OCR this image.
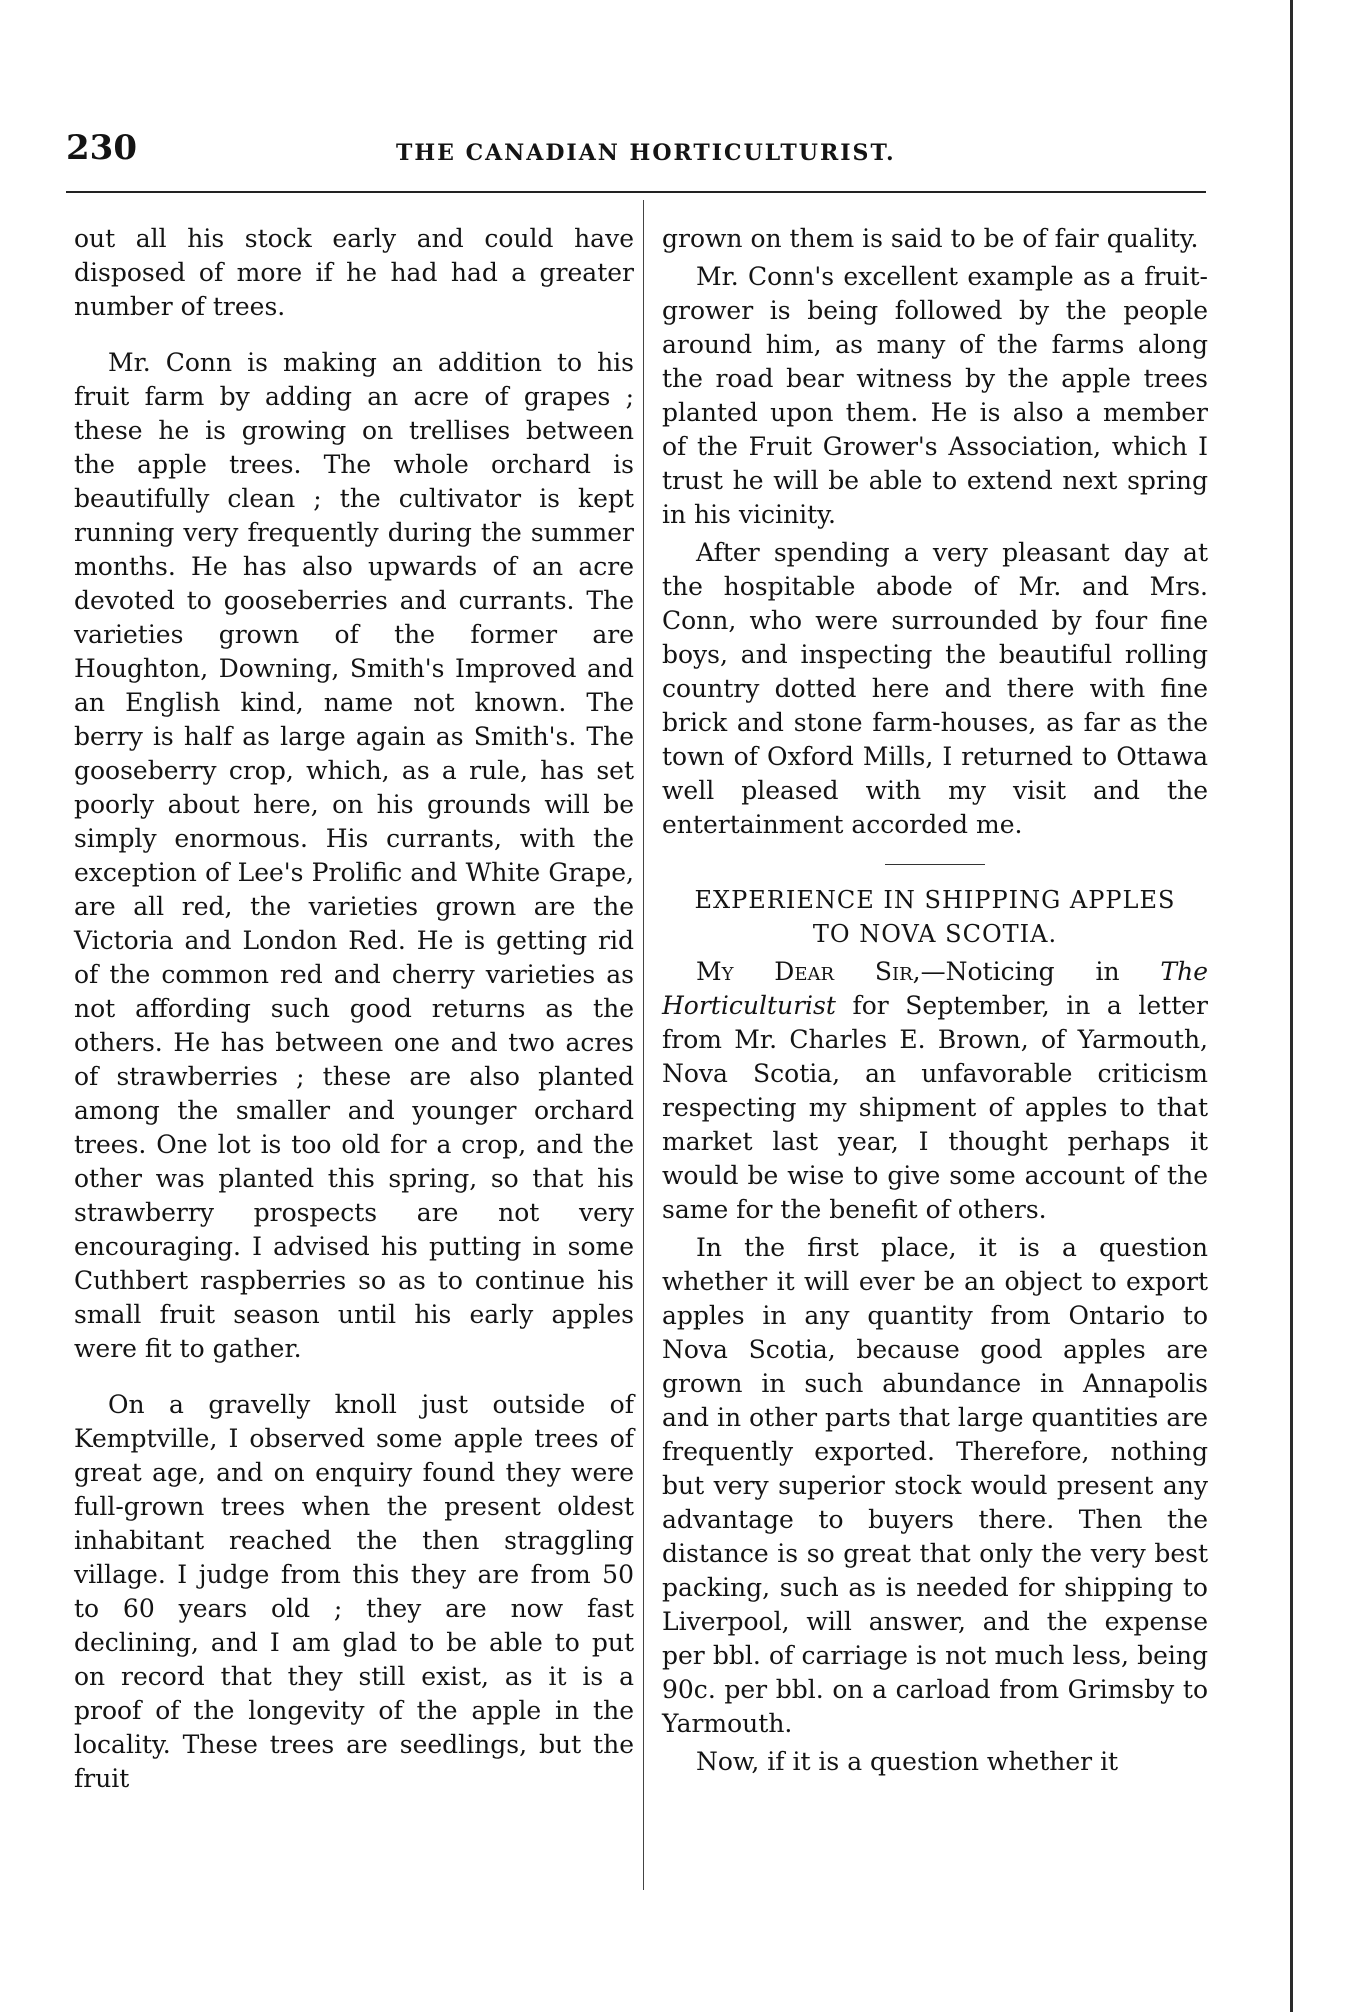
230	THE CANADIAN HORTICULTURIST.

out all his stock early and could have disposed of more if he had had a greater number of trees.

Mr. Conn is making an addition to his fruit farm by adding an acre of grapes ; these he is growing on trellises between the apple trees. The whole orchard is beautifully clean ; the cultivator is kept running very frequently during the summer months. He has also upwards of an acre devoted to gooseberries and currants. The varieties grown of the former are Houghton, Downing, Smith's Improved and an English kind, name not known. The berry is half as large again as Smith's. The gooseberry crop, which, as a rule, has set poorly about here, on his grounds will be simply enormous. His currants, with the exception of Lee's Prolific and White Grape, are all red, the varieties grown are the Victoria and London Red. He is getting rid of the common red and cherry varieties as not affording such good returns as the others. He has between one and two acres of strawberries ; these are also planted among the smaller and younger orchard trees. One lot is too old for a crop, and the other was planted this spring, so that his strawberry prospects are not very encouraging. I advised his putting in some Cuthbert raspberries so as to continue his small fruit season until his early apples were fit to gather.

On a gravelly knoll just outside of Kemptville, I observed some apple trees of great age, and on enquiry found they were full-grown trees when the present oldest inhabitant reached the then straggling village. I judge from this they are from 50 to 60 years old ; they are now fast declining, and I am glad to be able to put on record that they still exist, as it is a proof of the longevity of the apple in the locality. These trees are seedlings, but the fruit

grown on them is said to be of fair quality.

Mr. Conn's excellent example as a fruit-grower is being followed by the people around him, as many of the farms along the road bear witness by the apple trees planted upon them. He is also a member of the Fruit Grower's Association, which I trust he will be able to extend next spring in his vicinity.

After spending a very pleasant day at the hospitable abode of Mr. and Mrs. Conn, who were surrounded by four fine boys, and inspecting the beautiful rolling country dotted here and there with fine brick and stone farm-houses, as far as the town of Oxford Mills, I returned to Ottawa well pleased with my visit and the entertainment accorded me.

EXPERIENCE IN SHIPPING APPLES
TO NOVA SCOTIA.

My Dear Sir,—Noticing in The Horticulturist for September, in a letter from Mr. Charles E. Brown, of Yarmouth, Nova Scotia, an unfavorable criticism respecting my shipment of apples to that market last year, I thought perhaps it would be wise to give some account of the same for the benefit of others.

In the first place, it is a question whether it will ever be an object to export apples in any quantity from Ontario to Nova Scotia, because good apples are grown in such abundance in Annapolis and in other parts that large quantities are frequently exported. Therefore, nothing but very superior stock would present any advantage to buyers there. Then the distance is so great that only the very best packing, such as is needed for shipping to Liverpool, will answer, and the expense per bbl. of carriage is not much less, being 90c. per bbl. on a carload from Grimsby to Yarmouth.

Now, if it is a question whether it
